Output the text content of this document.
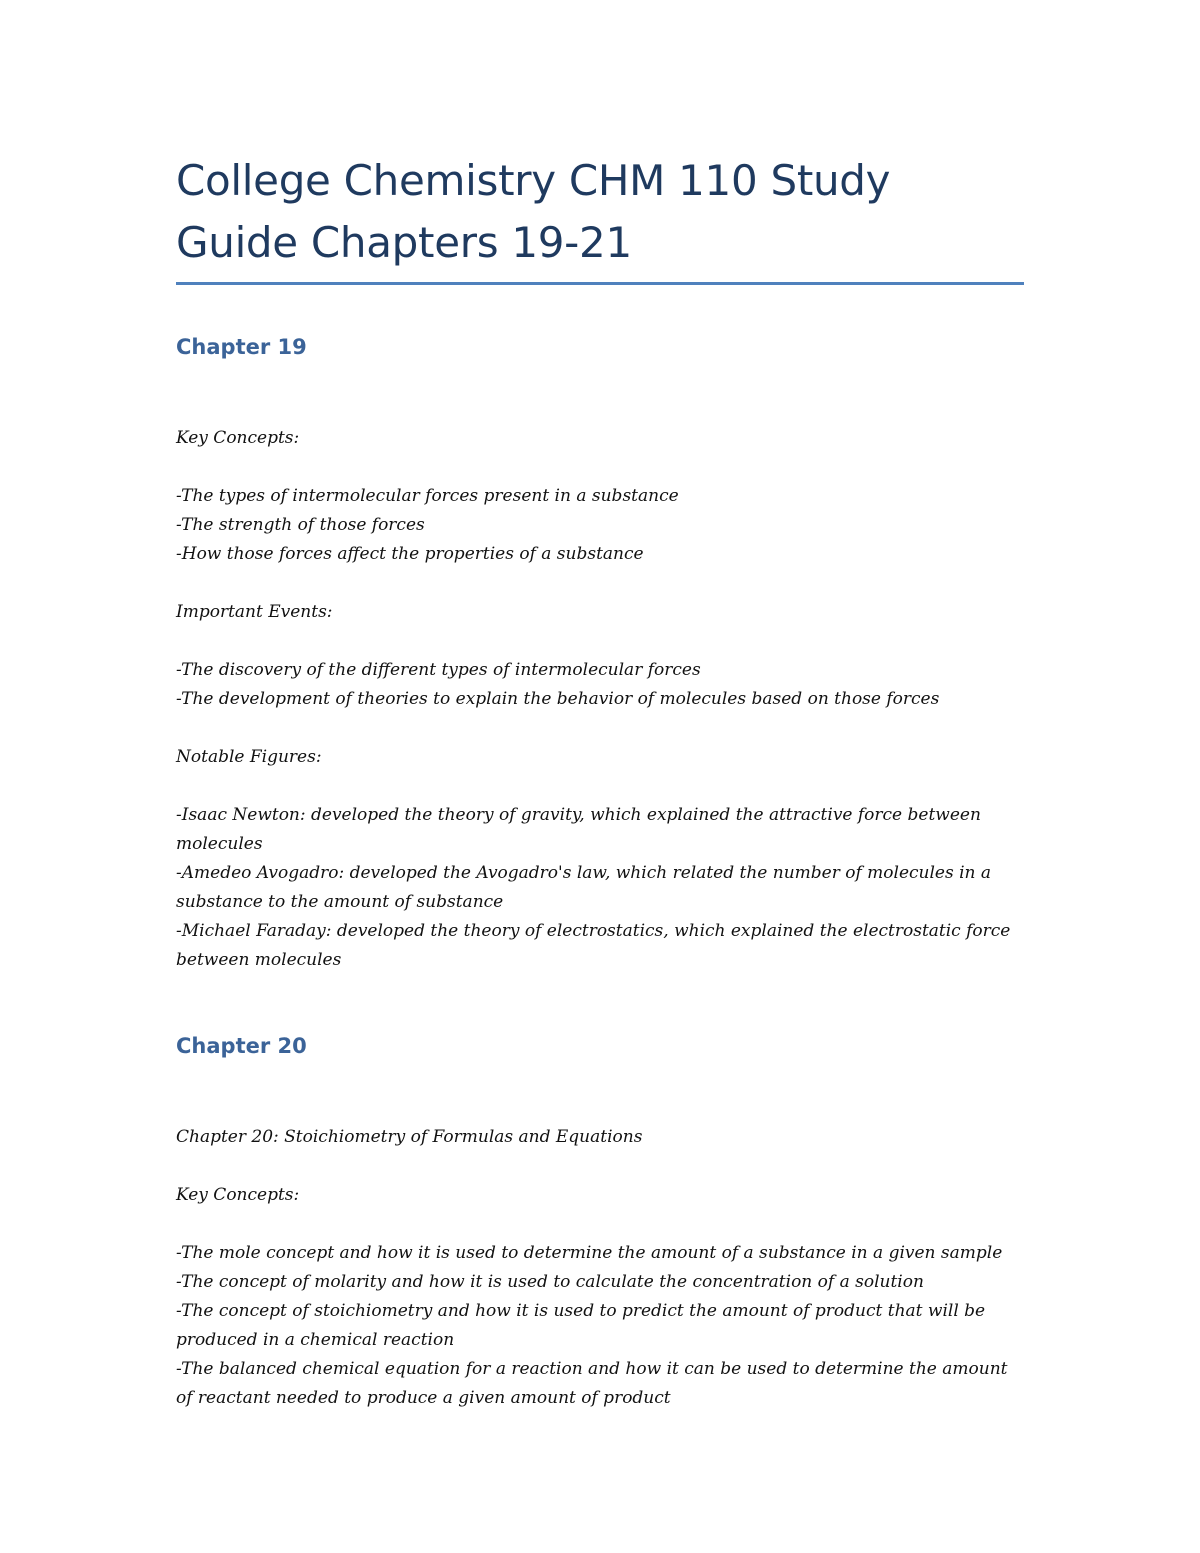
College Chemistry CHM 110 Study
Guide Chapters 19-21
Chapter 19

Key Concepts:

-The types of intermolecular forces present in a substance
-The strength of those forces
-How those forces affect the properties of a substance

Important Events:

-The discovery of the different types of intermolecular forces
-The development of theories to explain the behavior of molecules based on those forces

Notable Figures:

-Isaac Newton: developed the theory of gravity, which explained the attractive force between molecules
-Amedeo Avogadro: developed the Avogadro's law, which related the number of molecules in a substance to the amount of substance
-Michael Faraday: developed the theory of electrostatics, which explained the electrostatic force between molecules
Chapter 20

Chapter 20: Stoichiometry of Formulas and Equations

Key Concepts:

-The mole concept and how it is used to determine the amount of a substance in a given sample
-The concept of molarity and how it is used to calculate the concentration of a solution
-The concept of stoichiometry and how it is used to predict the amount of product that will be produced in a chemical reaction
-The balanced chemical equation for a reaction and how it can be used to determine the amount of reactant needed to produce a given amount of product
